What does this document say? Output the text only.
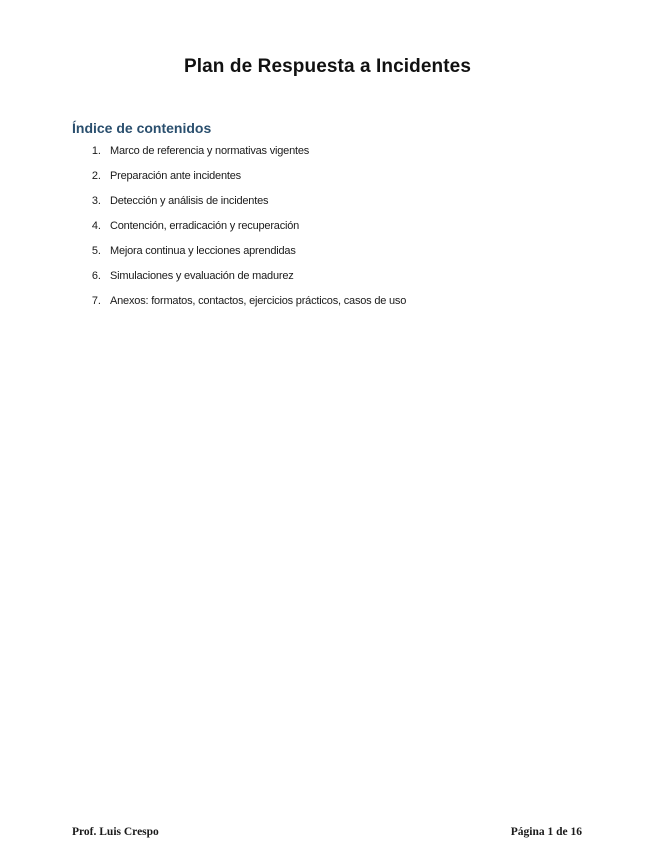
Plan de Respuesta a Incidentes
Índice de contenidos
1. Marco de referencia y normativas vigentes
2. Preparación ante incidentes
3. Detección y análisis de incidentes
4. Contención, erradicación y recuperación
5. Mejora continua y lecciones aprendidas
6. Simulaciones y evaluación de madurez
7. Anexos: formatos, contactos, ejercicios prácticos, casos de uso
Prof. Luis Crespo	Página 1 de 16
